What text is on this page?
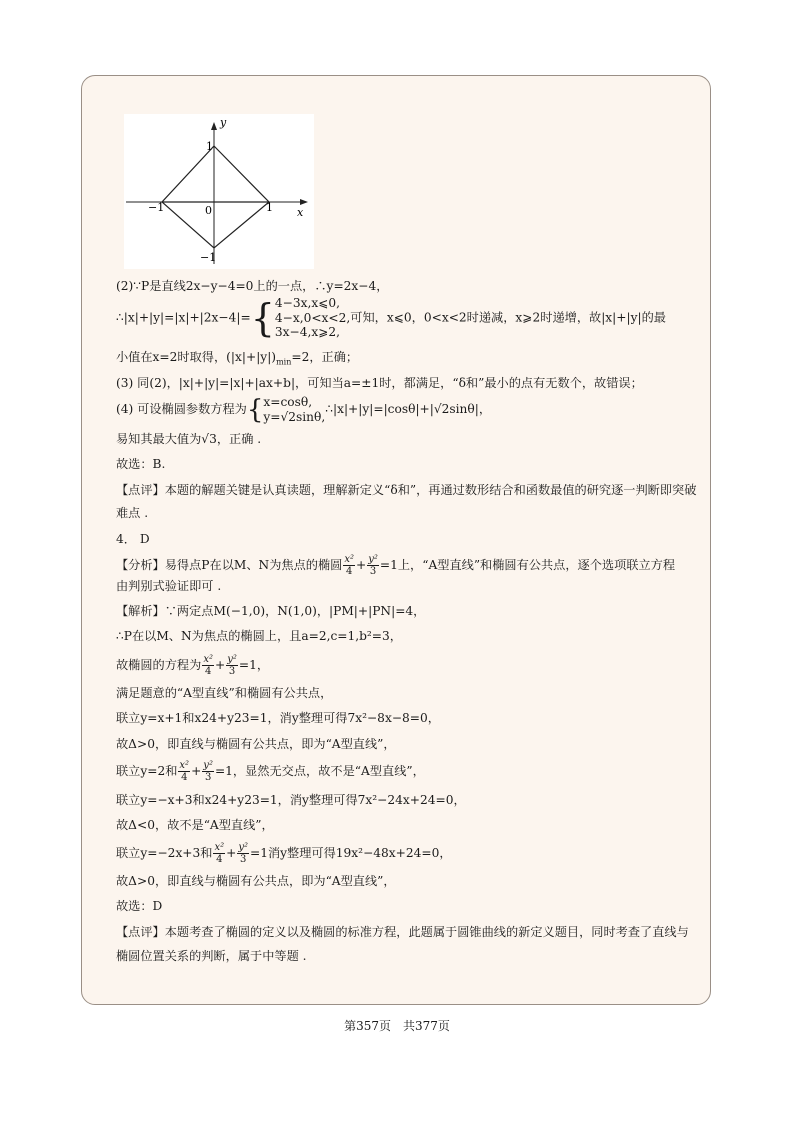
y
x
1
−1
−1	1
0
(2)∵P是直线2x−y−4=0上的一点，∴y=2x−4，
∴|x|+|y|=|x|+|2x−4|={ 4−3x,x⩽0,
4−x,0<x<2,
3x−4,x⩾2,
可知，x⩽0，0<x<2时递减，x⩾2时递增，故|x|+|y|的最
小值在x=2时取得，$(|x|+|y|)_{min}=2$，正确；
(3) 同(2)，|x|+|y|=|x|+|ax+b|，可知当a=±1时，都满足，“δ和”最小的点有无数个，故错误；
(4) 可设椭圆参数方程为{ x=cosθ,
y=√2sinθ,
∴|x|+|y|=|cosθ|+|√2sinθ|，
易知其最大值为√3，正确 .
故选：B.
【点评】本题的解题关键是认真读题，理解新定义“δ和”，再通过数形结合和函数最值的研究逐一判断即突破
难点 .
4． D
【分析】易得点P在以M、N为焦点的椭圆 $\frac{\text{x²}}{4} + \frac{\text{y²}}{3} =1$上，“A型直线”和椭圆有公共点，逐个选项联立方程
由判别式验证即可 .
【解析】∵两定点M(−1,0)，N(1,0)，|PM|+|PN|=4，
∴P在以M、N为焦点的椭圆上，且a=2,c=1,b²=3，
故椭圆的方程为 $\frac{\text{x²}}{4} + \frac{\text{y²}}{3} =1$，
满足题意的“A型直线”和椭圆有公共点，
联立y=x+1和x24+y23=1，消y整理可得7x²−8x−8=0，
故Δ>0，即直线与椭圆有公共点，即为“A型直线”，
联立y=2和 $\frac{\text{x²}}{4} + \frac{\text{y²}}{3} =1$，显然无交点，故不是“A型直线”，
联立y=−x+3和x24+y23=1，消y整理可得7x²−24x+24=0，
故Δ<0，故不是“A型直线”，
联立y=−2x+3和 $\frac{\text{x²}}{4} + \frac{\text{y²}}{3} =1$消y整理可得19x²−48x+24=0，
故Δ>0，即直线与椭圆有公共点，即为“A型直线”，
故选：D
【点评】本题考查了椭圆的定义以及椭圆的标准方程，此题属于圆锥曲线的新定义题目，同时考查了直线与
椭圆位置关系的判断，属于中等题 .
第357页　共377页
